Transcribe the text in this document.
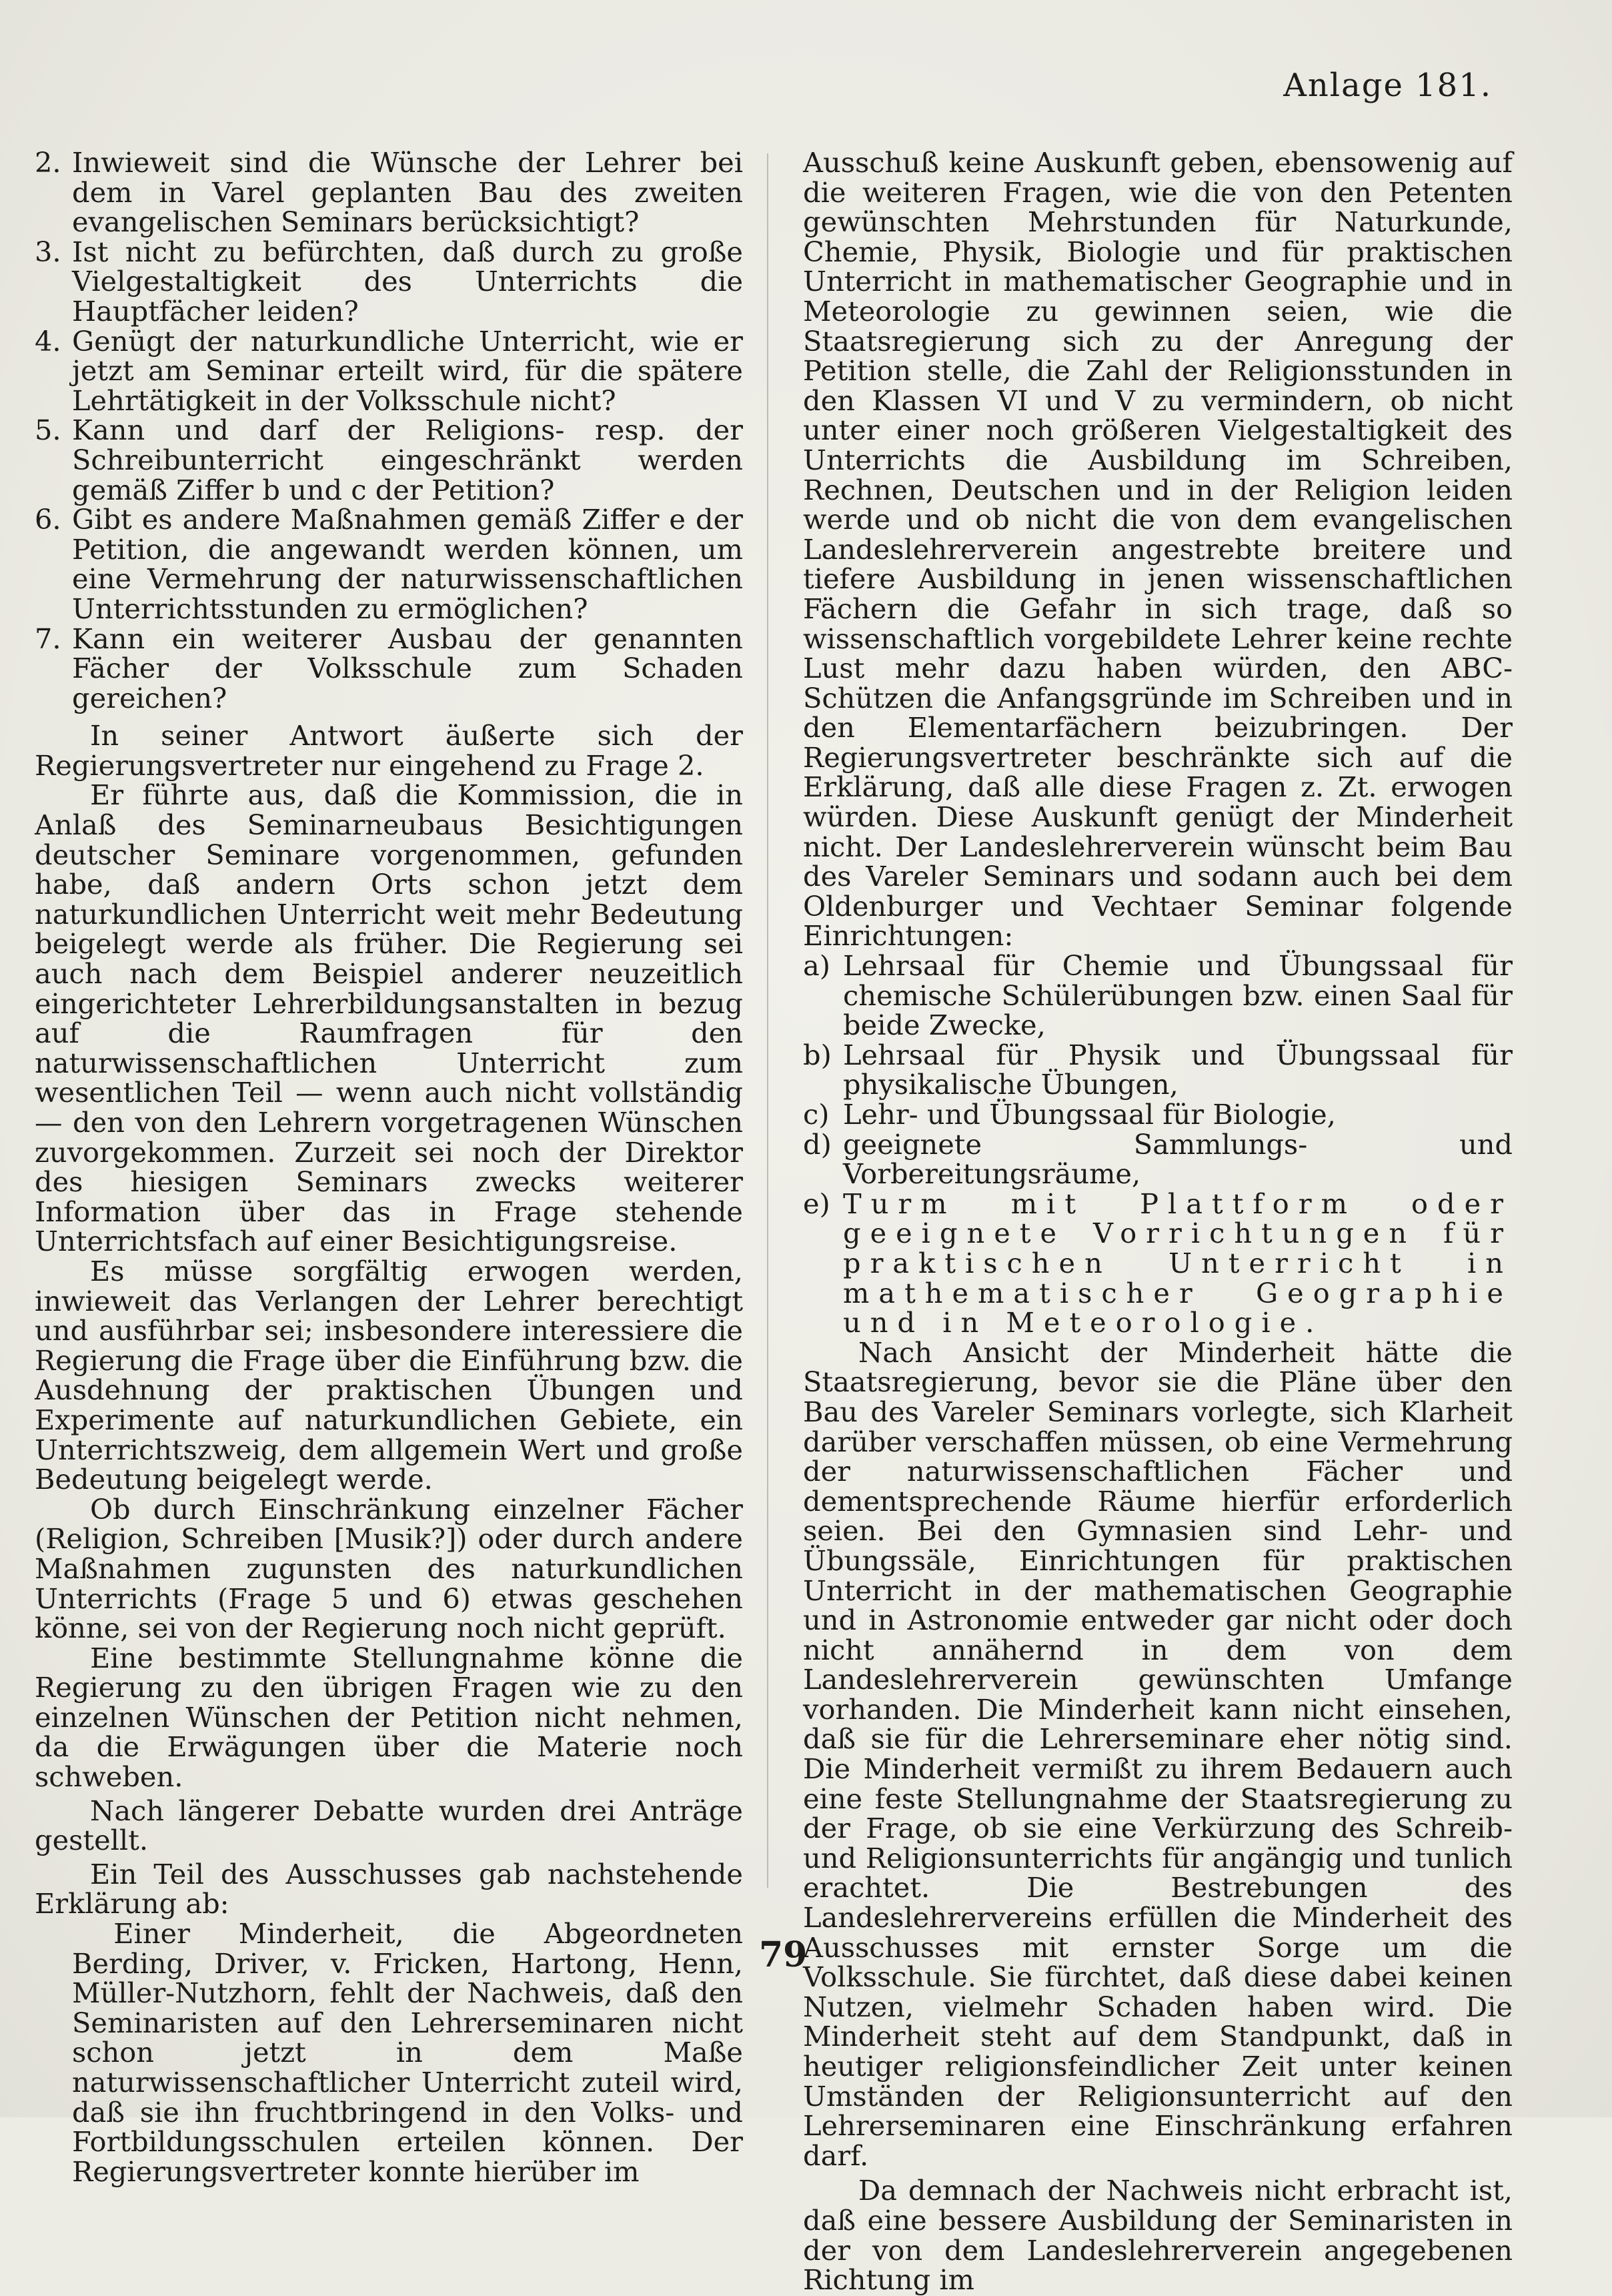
Anlage 181.
2. Inwieweit sind die Wünsche der Lehrer bei dem in Varel geplanten Bau des zweiten evangelischen Seminars berücksichtigt?
3. Ist nicht zu befürchten, daß durch zu große Vielgestaltigkeit des Unterrichts die Hauptfächer leiden?
4. Genügt der naturkundliche Unterricht, wie er jetzt am Seminar erteilt wird, für die spätere Lehrtätigkeit in der Volksschule nicht?
5. Kann und darf der Religions- resp. der Schreibunterricht eingeschränkt werden gemäß Ziffer b und c der Petition?
6. Gibt es andere Maßnahmen gemäß Ziffer e der Petition, die angewandt werden können, um eine Vermehrung der naturwissenschaftlichen Unterrichtsstunden zu ermöglichen?
7. Kann ein weiterer Ausbau der genannten Fächer der Volksschule zum Schaden gereichen?

In seiner Antwort äußerte sich der Regierungsvertreter nur eingehend zu Frage 2.

Er führte aus, daß die Kommission, die in Anlaß des Seminarneubaus Besichtigungen deutscher Seminare vorgenommen, gefunden habe, daß andern Orts schon jetzt dem naturkundlichen Unterricht weit mehr Bedeutung beigelegt werde als früher. Die Regierung sei auch nach dem Beispiel anderer neuzeitlich eingerichteter Lehrerbildungsanstalten in bezug auf die Raumfragen für den naturwissenschaftlichen Unterricht zum wesentlichen Teil — wenn auch nicht vollständig — den von den Lehrern vorgetragenen Wünschen zuvorgekommen. Zurzeit sei noch der Direktor des hiesigen Seminars zwecks weiterer Information über das in Frage stehende Unterrichtsfach auf einer Besichtigungsreise.

Es müsse sorgfältig erwogen werden, inwieweit das Verlangen der Lehrer berechtigt und ausführbar sei; insbesondere interessiere die Regierung die Frage über die Einführung bzw. die Ausdehnung der praktischen Übungen und Experimente auf naturkundlichen Gebiete, ein Unterrichtszweig, dem allgemein Wert und große Bedeutung beigelegt werde.

Ob durch Einschränkung einzelner Fächer (Religion, Schreiben [Musik?]) oder durch andere Maßnahmen zugunsten des naturkundlichen Unterrichts (Frage 5 und 6) etwas geschehen könne, sei von der Regierung noch nicht geprüft.

Eine bestimmte Stellungnahme könne die Regierung zu den übrigen Fragen wie zu den einzelnen Wünschen der Petition nicht nehmen, da die Erwägungen über die Materie noch schweben.

Nach längerer Debatte wurden drei Anträge gestellt.

Ein Teil des Ausschusses gab nachstehende Erklärung ab:

Einer Minderheit, die Abgeordneten Berding, Driver, v. Fricken, Hartong, Henn, Müller-Nutzhorn, fehlt der Nachweis, daß den Seminaristen auf den Lehrerseminaren nicht schon jetzt in dem Maße naturwissenschaftlicher Unterricht zuteil wird, daß sie ihn fruchtbringend in den Volks- und Fortbildungsschulen erteilen können. Der Regierungsvertreter konnte hierüber im

Ausschuß keine Auskunft geben, ebensowenig auf die weiteren Fragen, wie die von den Petenten gewünschten Mehrstunden für Naturkunde, Chemie, Physik, Biologie und für praktischen Unterricht in mathematischer Geographie und in Meteorologie zu gewinnen seien, wie die Staatsregierung sich zu der Anregung der Petition stelle, die Zahl der Religionsstunden in den Klassen VI und V zu vermindern, ob nicht unter einer noch größeren Vielgestaltigkeit des Unterrichts die Ausbildung im Schreiben, Rechnen, Deutschen und in der Religion leiden werde und ob nicht die von dem evangelischen Landeslehrerverein angestrebte breitere und tiefere Ausbildung in jenen wissenschaftlichen Fächern die Gefahr in sich trage, daß so wissenschaftlich vorgebildete Lehrer keine rechte Lust mehr dazu haben würden, den ABC-Schützen die Anfangsgründe im Schreiben und in den Elementarfächern beizubringen. Der Regierungsvertreter beschränkte sich auf die Erklärung, daß alle diese Fragen z. Zt. erwogen würden. Diese Auskunft genügt der Minderheit nicht. Der Landeslehrerverein wünscht beim Bau des Vareler Seminars und sodann auch bei dem Oldenburger und Vechtaer Seminar folgende Einrichtungen:

a) Lehrsaal für Chemie und Übungssaal für chemische Schülerübungen bzw. einen Saal für beide Zwecke,
b) Lehrsaal für Physik und Übungssaal für physikalische Übungen,
c) Lehr- und Übungssaal für Biologie,
d) geeignete Sammlungs- und Vorbereitungsräume,
e) Turm mit Plattform oder geeignete Vorrichtungen für praktischen Unterricht in mathematischer Geographie und in Meteorologie.

Nach Ansicht der Minderheit hätte die Staatsregierung, bevor sie die Pläne über den Bau des Vareler Seminars vorlegte, sich Klarheit darüber verschaffen müssen, ob eine Vermehrung der naturwissenschaftlichen Fächer und dementsprechende Räume hierfür erforderlich seien. Bei den Gymnasien sind Lehr- und Übungssäle, Einrichtungen für praktischen Unterricht in der mathematischen Geographie und in Astronomie entweder gar nicht oder doch nicht annähernd in dem von dem Landeslehrerverein gewünschten Umfange vorhanden. Die Minderheit kann nicht einsehen, daß sie für die Lehrerseminare eher nötig sind. Die Minderheit vermißt zu ihrem Bedauern auch eine feste Stellungnahme der Staatsregierung zu der Frage, ob sie eine Verkürzung des Schreib- und Religionsunterrichts für angängig und tunlich erachtet. Die Bestrebungen des Landeslehrervereins erfüllen die Minderheit des Ausschusses mit ernster Sorge um die Volksschule. Sie fürchtet, daß diese dabei keinen Nutzen, vielmehr Schaden haben wird. Die Minderheit steht auf dem Standpunkt, daß in heutiger religionsfeindlicher Zeit unter keinen Umständen der Religionsunterricht auf den Lehrerseminaren eine Einschränkung erfahren darf.

Da demnach der Nachweis nicht erbracht ist, daß eine bessere Ausbildung der Seminaristen in der von dem Landeslehrerverein angegebenen Richtung im

79
